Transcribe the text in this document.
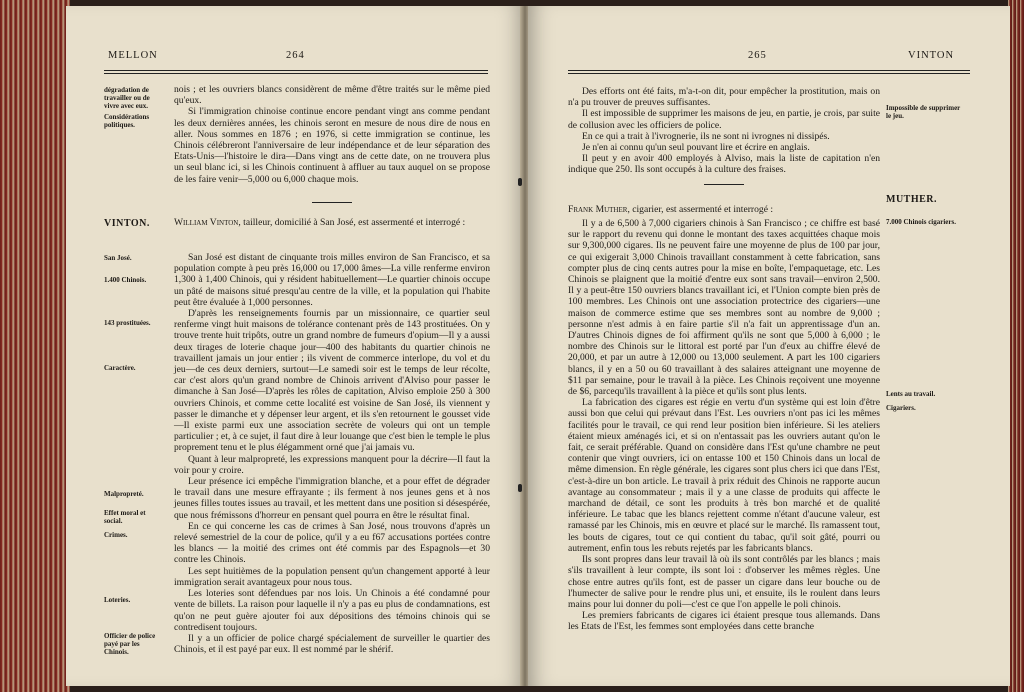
MELLON	264
dégradation de travailler ou de vivre avec eux.
Considérations politiques.

nois ; et les ouvriers blancs considèrent de même d'être traités sur le même pied qu'eux.

Si l'immigration chinoise continue encore pendant vingt ans comme pendant les deux dernières années, les chinois seront en mesure de nous dire de nous en aller. Nous sommes en 1876 ; en 1976, si cette immigration se continue, les Chinois célébreront l'anniversaire de leur indépendance et de leur séparation des Etats-Unis—l'histoire le dira—Dans vingt ans de cette date, on ne trouvera plus un seul blanc ici, si les Chinois continuent à affluer au taux auquel on se propose de les faire venir—5,000 ou 6,000 chaque mois.

VINTON.	William Vinton, tailleur, domicilié à San José, est assermenté et interrogé :

San José.
1.400 Chinois.
143 prostituées.
Caractère.
Malpropreté.
Effet moral et social.
Crimes.
Loteries.
Officier de police payé par les Chinois.

San José est distant de cinquante trois milles environ de San Francisco, et sa population compte à peu près 16,000 ou 17,000 âmes—La ville renferme environ 1,300 à 1,400 Chinois, qui y résident habituellement—Le quartier chinois occupe un pâté de maisons situé presqu'au centre de la ville, et la population qui l'habite peut être évaluée à 1,000 personnes.

D'après les renseignements fournis par un missionnaire, ce quartier seul renferme vingt huit maisons de tolérance contenant près de 143 prostituées. On y trouve trente huit tripôts, outre un grand nombre de fumeurs d'opium—Il y a aussi deux tirages de loterie chaque jour—400 des habitants du quartier chinois ne travaillent jamais un jour entier ; ils vivent de commerce interlope, du vol et du jeu—de ces deux derniers, surtout—Le samedi soir est le temps de leur récolte, car c'est alors qu'un grand nombre de Chinois arrivent d'Alviso pour passer le dimanche à San José—D'après les rôles de capitation, Alviso emploie 250 à 300 ouvriers Chinois, et comme cette localité est voisine de San José, ils viennent y passer le dimanche et y dépenser leur argent, et ils s'en retournent le gousset vide—Il existe parmi eux une association secrète de voleurs qui ont un temple particulier ; et, à ce sujet, il faut dire à leur louange que c'est bien le temple le plus proprement tenu et le plus élégamment orné que j'ai jamais vu.

Quant à leur malpropreté, les expressions manquent pour la décrire—Il faut la voir pour y croire.

Leur présence ici empêche l'immigration blanche, et a pour effet de dégrader le travail dans une mesure effrayante ; ils ferment à nos jeunes gens et à nos jeunes filles toutes issues au travail, et les mettent dans une position si désespérée, que nous frémissons d'horreur en pensant quel pourra en être le résultat final.

En ce qui concerne les cas de crimes à San José, nous trouvons d'après un relevé semestriel de la cour de police, qu'il y a eu f67 accusations portées contre les blancs — la moitié des crimes ont été commis par des Espagnols—et 30 contre les Chinois.

Les sept huitièmes de la population pensent qu'un changement apporté à leur immigration serait avantageux pour nous tous.

Les loteries sont défendues par nos lois. Un Chinois a été condamné pour vente de billets. La raison pour laquelle il n'y a pas eu plus de condamnations, est qu'on ne peut guère ajouter foi aux dépositions des témoins chinois qui se contredisent toujours.

Il y a un officier de police chargé spécialement de surveiller le quartier des Chinois, et il est payé par eux. Il est nommé par le shérif.

265	VINTON

Des efforts ont été faits, m'a-t-on dit, pour empêcher la prostitution, mais on n'a pu trouver de preuves suffisantes.

Il est impossible de supprimer les maisons de jeu, en partie, je crois, par suite de collusion avec les officiers de police.

En ce qui a trait à l'ivrognerie, ils ne sont ni ivrognes ni dissipés.

Je n'en ai connu qu'un seul pouvant lire et écrire en anglais.

Il peut y en avoir 400 employés à Alviso, mais la liste de capitation n'en indique que 250. Ils sont occupés à la culture des fraises.

Impossible de supprimer le jeu.
MUTHER.

Frank Muther, cigarier, est assermenté et interrogé :

7.000 Chinois cigariers.
Lents au travail.
Cigariers.

Il y a de 6,500 à 7,000 cigariers chinois à San Francisco ; ce chiffre est basé sur le rapport du revenu qui donne le montant des taxes acquittées chaque mois sur 9,300,000 cigares. Ils ne peuvent faire une moyenne de plus de 100 par jour, ce qui exigerait 3,000 Chinois travaillant constamment à cette fabrication, sans compter plus de cinq cents autres pour la mise en boîte, l'empaquetage, etc. Les Chinois se plaignent que la moitié d'entre eux sont sans travail—environ 2,500. Il y a peut-être 150 ouvriers blancs travaillant ici, et l'Union compte bien près de 100 membres. Les Chinois ont une association protectrice des cigariers—une maison de commerce estime que ses membres sont au nombre de 9,000 ; personne n'est admis à en faire partie s'il n'a fait un apprentissage d'un an. D'autres Chinois dignes de foi affirment qu'ils ne sont que 5,000 à 6,000 ; le nombre des Chinois sur le littoral est porté par l'un d'eux au chiffre élevé de 20,000, et par un autre à 12,000 ou 13,000 seulement. A part les 100 cigariers blancs, il y en a 50 ou 60 travaillant à des salaires atteignant une moyenne de $11 par semaine, pour le travail à la pièce. Les Chinois reçoivent une moyenne de $6, parcequ'ils travaillent à la pièce et qu'ils sont plus lents.

La fabrication des cigares est régie en vertu d'un système qui est loin d'être aussi bon que celui qui prévaut dans l'Est. Les ouvriers n'ont pas ici les mêmes facilités pour le travail, ce qui rend leur position bien inférieure. Si les ateliers étaient mieux aménagés ici, et si on n'entassait pas les ouvriers autant qu'on le fait, ce serait préférable. Quand on considère dans l'Est qu'une chambre ne peut contenir que vingt ouvriers, ici on entasse 100 et 150 Chinois dans un local de même dimension. En règle générale, les cigares sont plus chers ici que dans l'Est, c'est-à-dire un bon article. Le travail à prix réduit des Chinois ne rapporte aucun avantage au consommateur ; mais il y a une classe de produits qui affecte le marchand de détail, ce sont les produits à très bon marché et de qualité inférieure. Le tabac que les blancs rejettent comme n'étant d'aucune valeur, est ramassé par les Chinois, mis en œuvre et placé sur le marché. Ils ramassent tout, les bouts de cigares, tout ce qui contient du tabac, qu'il soit gâté, pourri ou autrement, enfin tous les rebuts rejetés par les fabricants blancs.

Ils sont propres dans leur travail là où ils sont contrôlés par les blancs ; mais s'ils travaillent à leur compte, ils sont loi : d'observer les mêmes règles. Une chose entre autres qu'ils font, est de passer un cigare dans leur bouche ou de l'humecter de salive pour le rendre plus uni, et ensuite, ils le roulent dans leurs mains pour lui donner du poli—c'est ce que l'on appelle le poli chinois.

Les premiers fabricants de cigares ici étaient presque tous allemands. Dans les Etats de l'Est, les femmes sont employées dans cette branche
